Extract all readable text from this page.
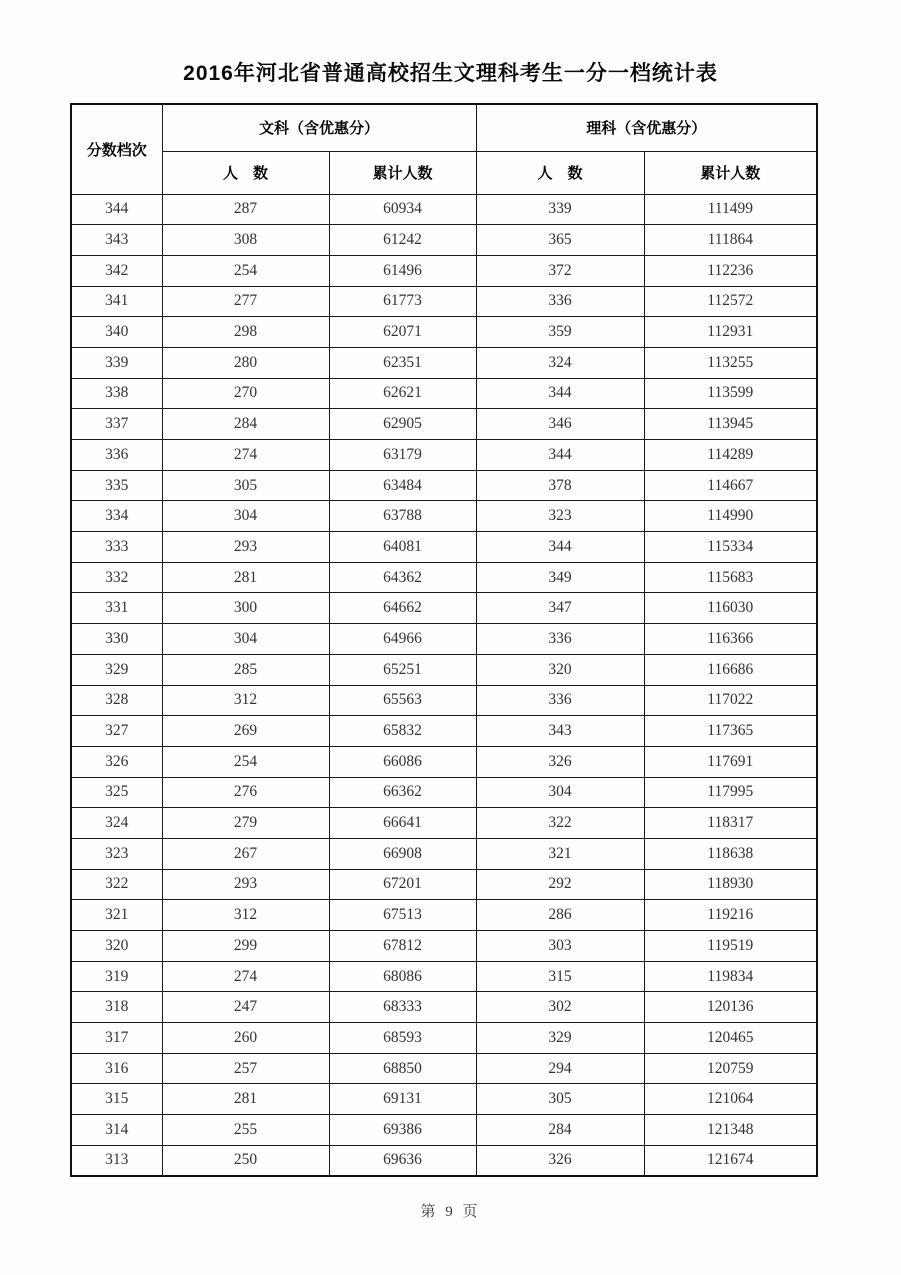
2016年河北省普通高校招生文理科考生一分一档统计表
分数档次	文科（含优惠分）		理科（含优惠分）	
	人　数	累计人数	人　数	累计人数
344	287	60934	339	111499
343	308	61242	365	111864
342	254	61496	372	112236
341	277	61773	336	112572
340	298	62071	359	112931
339	280	62351	324	113255
338	270	62621	344	113599
337	284	62905	346	113945
336	274	63179	344	114289
335	305	63484	378	114667
334	304	63788	323	114990
333	293	64081	344	115334
332	281	64362	349	115683
331	300	64662	347	116030
330	304	64966	336	116366
329	285	65251	320	116686
328	312	65563	336	117022
327	269	65832	343	117365
326	254	66086	326	117691
325	276	66362	304	117995
324	279	66641	322	118317
323	267	66908	321	118638
322	293	67201	292	118930
321	312	67513	286	119216
320	299	67812	303	119519
319	274	68086	315	119834
318	247	68333	302	120136
317	260	68593	329	120465
316	257	68850	294	120759
315	281	69131	305	121064
314	255	69386	284	121348
313	250	69636	326	121674
第 9 页
